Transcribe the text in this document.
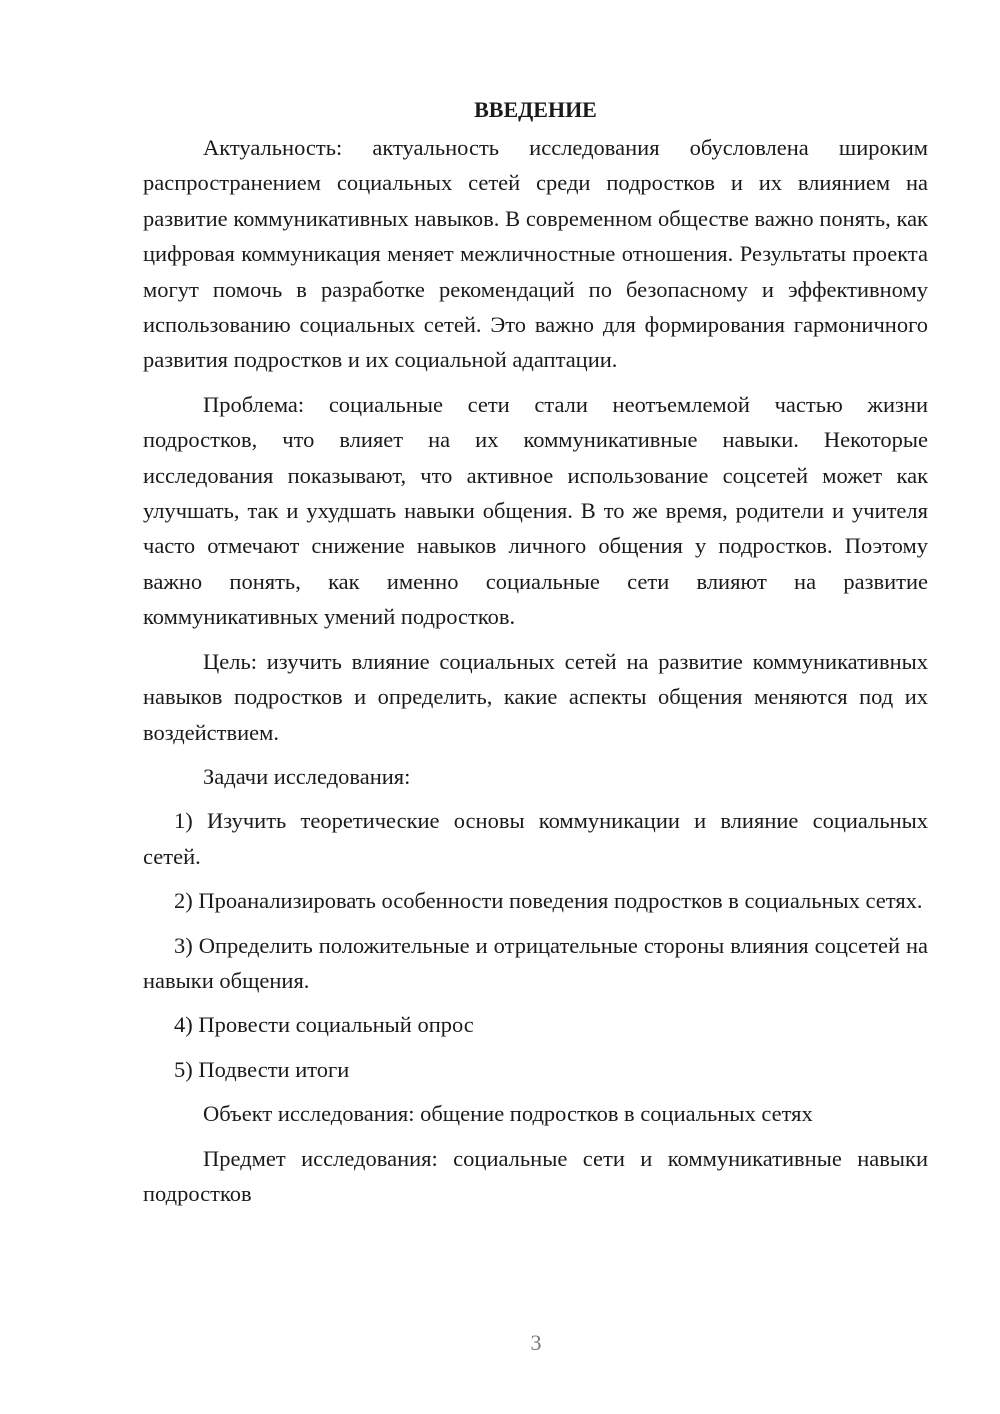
ВВЕДЕНИЕ

Актуальность: актуальность исследования обусловлена широким распространением социальных сетей среди подростков и их влиянием на развитие коммуникативных навыков. В современном обществе важно понять, как цифровая коммуникация меняет межличностные отношения. Результаты проекта могут помочь в разработке рекомендаций по безопасному и эффективному использованию социальных сетей. Это важно для формирования гармоничного развития подростков и их социальной адаптации.

Проблема: социальные сети стали неотъемлемой частью жизни подростков, что влияет на их коммуникативные навыки. Некоторые исследования показывают, что активное использование соцсетей может как улучшать, так и ухудшать навыки общения. В то же время, родители и учителя часто отмечают снижение навыков личного общения у подростков. Поэтому важно понять, как именно социальные сети влияют на развитие коммуникативных умений подростков.

Цель: изучить влияние социальных сетей на развитие коммуникативных навыков подростков и определить, какие аспекты общения меняются под их воздействием.

Задачи исследования:

1) Изучить теоретические основы коммуникации и влияние социальных сетей.

2) Проанализировать особенности поведения подростков в социальных сетях.

3) Определить положительные и отрицательные стороны влияния соцсетей на навыки общения.

4) Провести социальный опрос

5) Подвести итоги

Объект исследования: общение подростков в социальных сетях

Предмет исследования: социальные сети и коммуникативные навыки подростков

3
